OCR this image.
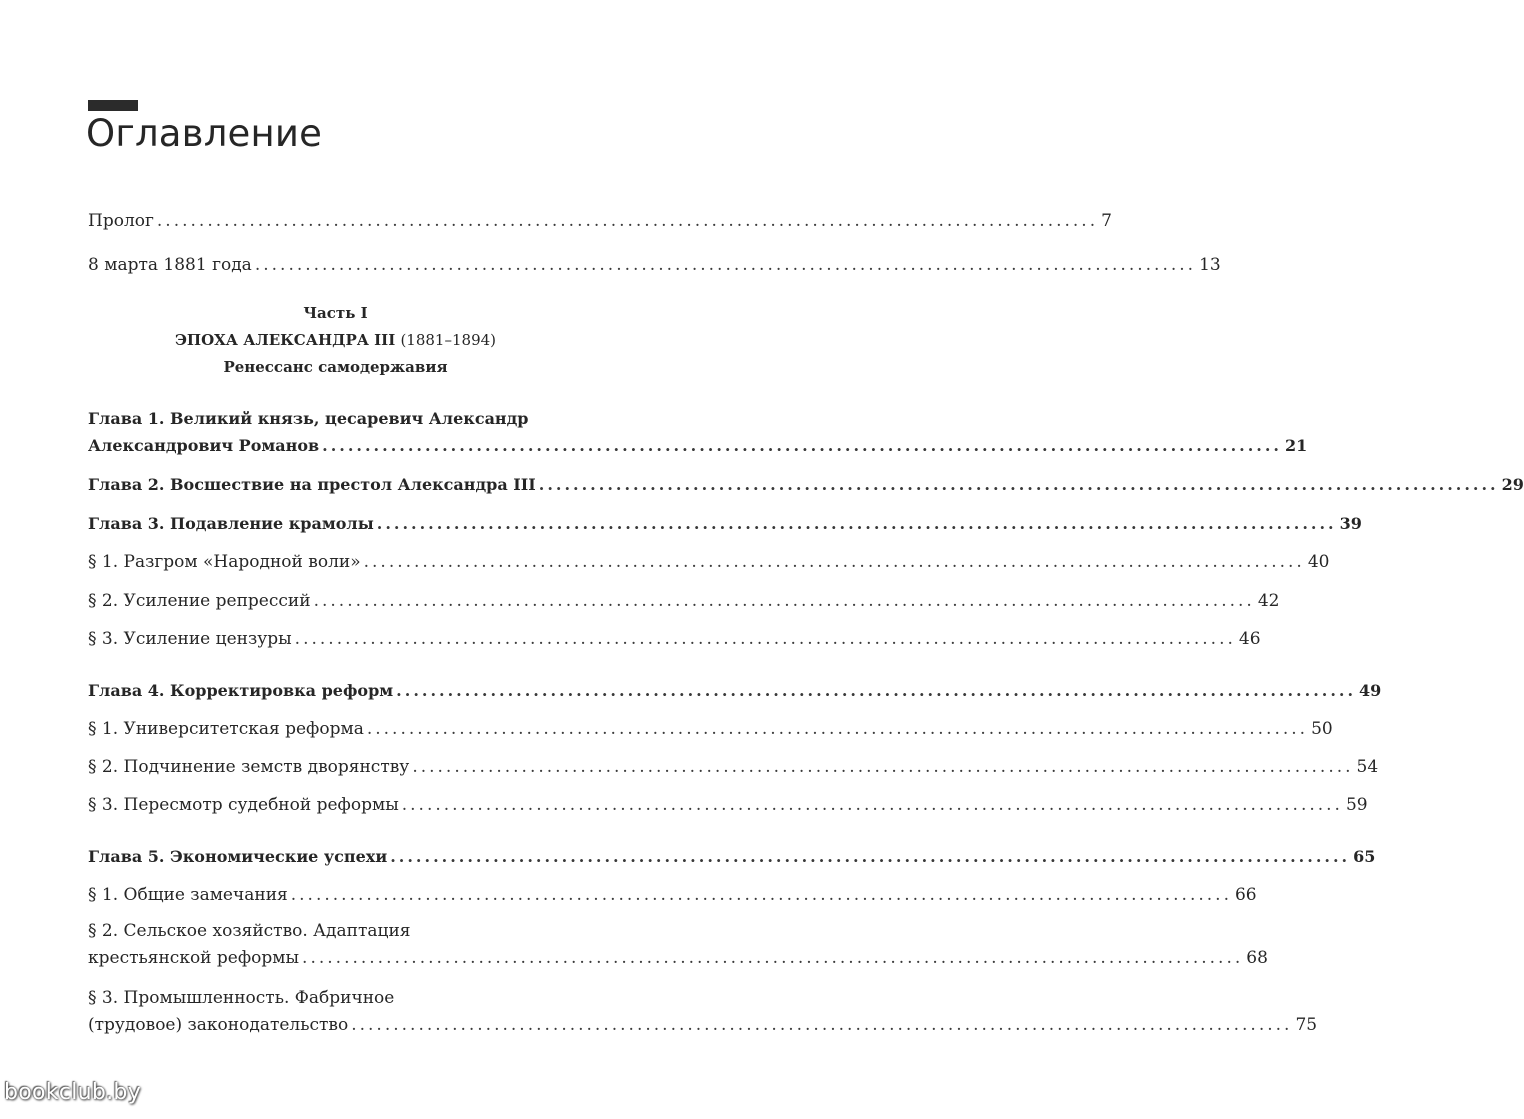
Оглавление
Пролог ................................................................................................................ 7
8 марта 1881 года ................................................................................................................ 13
Часть I
ЭПОХА АЛЕКСАНДРА III (1881–1894)
Ренессанс самодержавия
Глава 1. Великий князь, цесаревич Александр
Александрович Романов ................................................................................................................ 21
Глава 2. Восшествие на престол Александра III ................................................................................................................ 29
Глава 3. Подавление крамолы ................................................................................................................ 39
§ 1. Разгром «Народной воли» ................................................................................................................ 40
§ 2. Усиление репрессий ................................................................................................................ 42
§ 3. Усиление цензуры ................................................................................................................ 46
Глава 4. Корректировка реформ ................................................................................................................ 49
§ 1. Университетская реформа ................................................................................................................ 50
§ 2. Подчинение земств дворянству ................................................................................................................ 54
§ 3. Пересмотр судебной реформы ................................................................................................................ 59
Глава 5. Экономические успехи ................................................................................................................ 65
§ 1. Общие замечания ................................................................................................................ 66
§ 2. Сельское хозяйство. Адаптация
крестьянской реформы ................................................................................................................ 68
§ 3. Промышленность. Фабричное
(трудовое) законодательство ................................................................................................................ 75
bookclub.by
